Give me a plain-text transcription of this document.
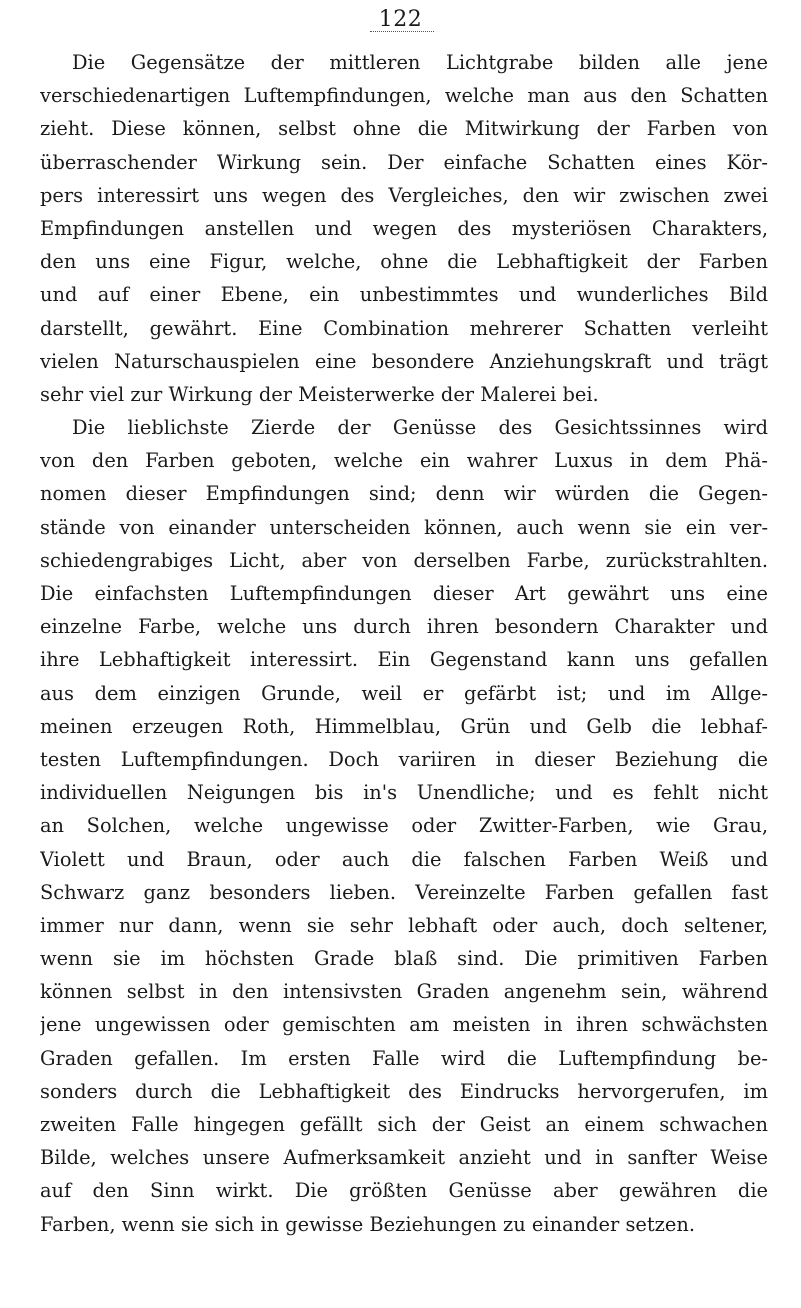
122
Die Gegensätze der mittleren Lichtgrabe bilden alle jene
verschiedenartigen Luftempfindungen, welche man aus den Schatten
zieht. Diese können, selbst ohne die Mitwirkung der Farben von
überraschender Wirkung sein. Der einfache Schatten eines Kör-
pers interessirt uns wegen des Vergleiches, den wir zwischen zwei
Empfindungen anstellen und wegen des mysteriösen Charakters,
den uns eine Figur, welche, ohne die Lebhaftigkeit der Farben
und auf einer Ebene, ein unbestimmtes und wunderliches Bild
darstellt, gewährt. Eine Combination mehrerer Schatten verleiht
vielen Naturschauspielen eine besondere Anziehungskraft und trägt
sehr viel zur Wirkung der Meisterwerke der Malerei bei.
Die lieblichste Zierde der Genüsse des Gesichtssinnes wird
von den Farben geboten, welche ein wahrer Luxus in dem Phä-
nomen dieser Empfindungen sind; denn wir würden die Gegen-
stände von einander unterscheiden können, auch wenn sie ein ver-
schiedengrabiges Licht, aber von derselben Farbe, zurückstrahlten.
Die einfachsten Luftempfindungen dieser Art gewährt uns eine
einzelne Farbe, welche uns durch ihren besondern Charakter und
ihre Lebhaftigkeit interessirt. Ein Gegenstand kann uns gefallen
aus dem einzigen Grunde, weil er gefärbt ist; und im Allge-
meinen erzeugen Roth, Himmelblau, Grün und Gelb die lebhaf-
testen Luftempfindungen. Doch variiren in dieser Beziehung die
individuellen Neigungen bis in's Unendliche; und es fehlt nicht
an Solchen, welche ungewisse oder Zwitter-Farben, wie Grau,
Violett und Braun, oder auch die falschen Farben Weiß und
Schwarz ganz besonders lieben. Vereinzelte Farben gefallen fast
immer nur dann, wenn sie sehr lebhaft oder auch, doch seltener,
wenn sie im höchsten Grade blaß sind. Die primitiven Farben
können selbst in den intensivsten Graden angenehm sein, während
jene ungewissen oder gemischten am meisten in ihren schwächsten
Graden gefallen. Im ersten Falle wird die Luftempfindung be-
sonders durch die Lebhaftigkeit des Eindrucks hervorgerufen, im
zweiten Falle hingegen gefällt sich der Geist an einem schwachen
Bilde, welches unsere Aufmerksamkeit anzieht und in sanfter Weise
auf den Sinn wirkt. Die größten Genüsse aber gewähren die
Farben, wenn sie sich in gewisse Beziehungen zu einander setzen.
